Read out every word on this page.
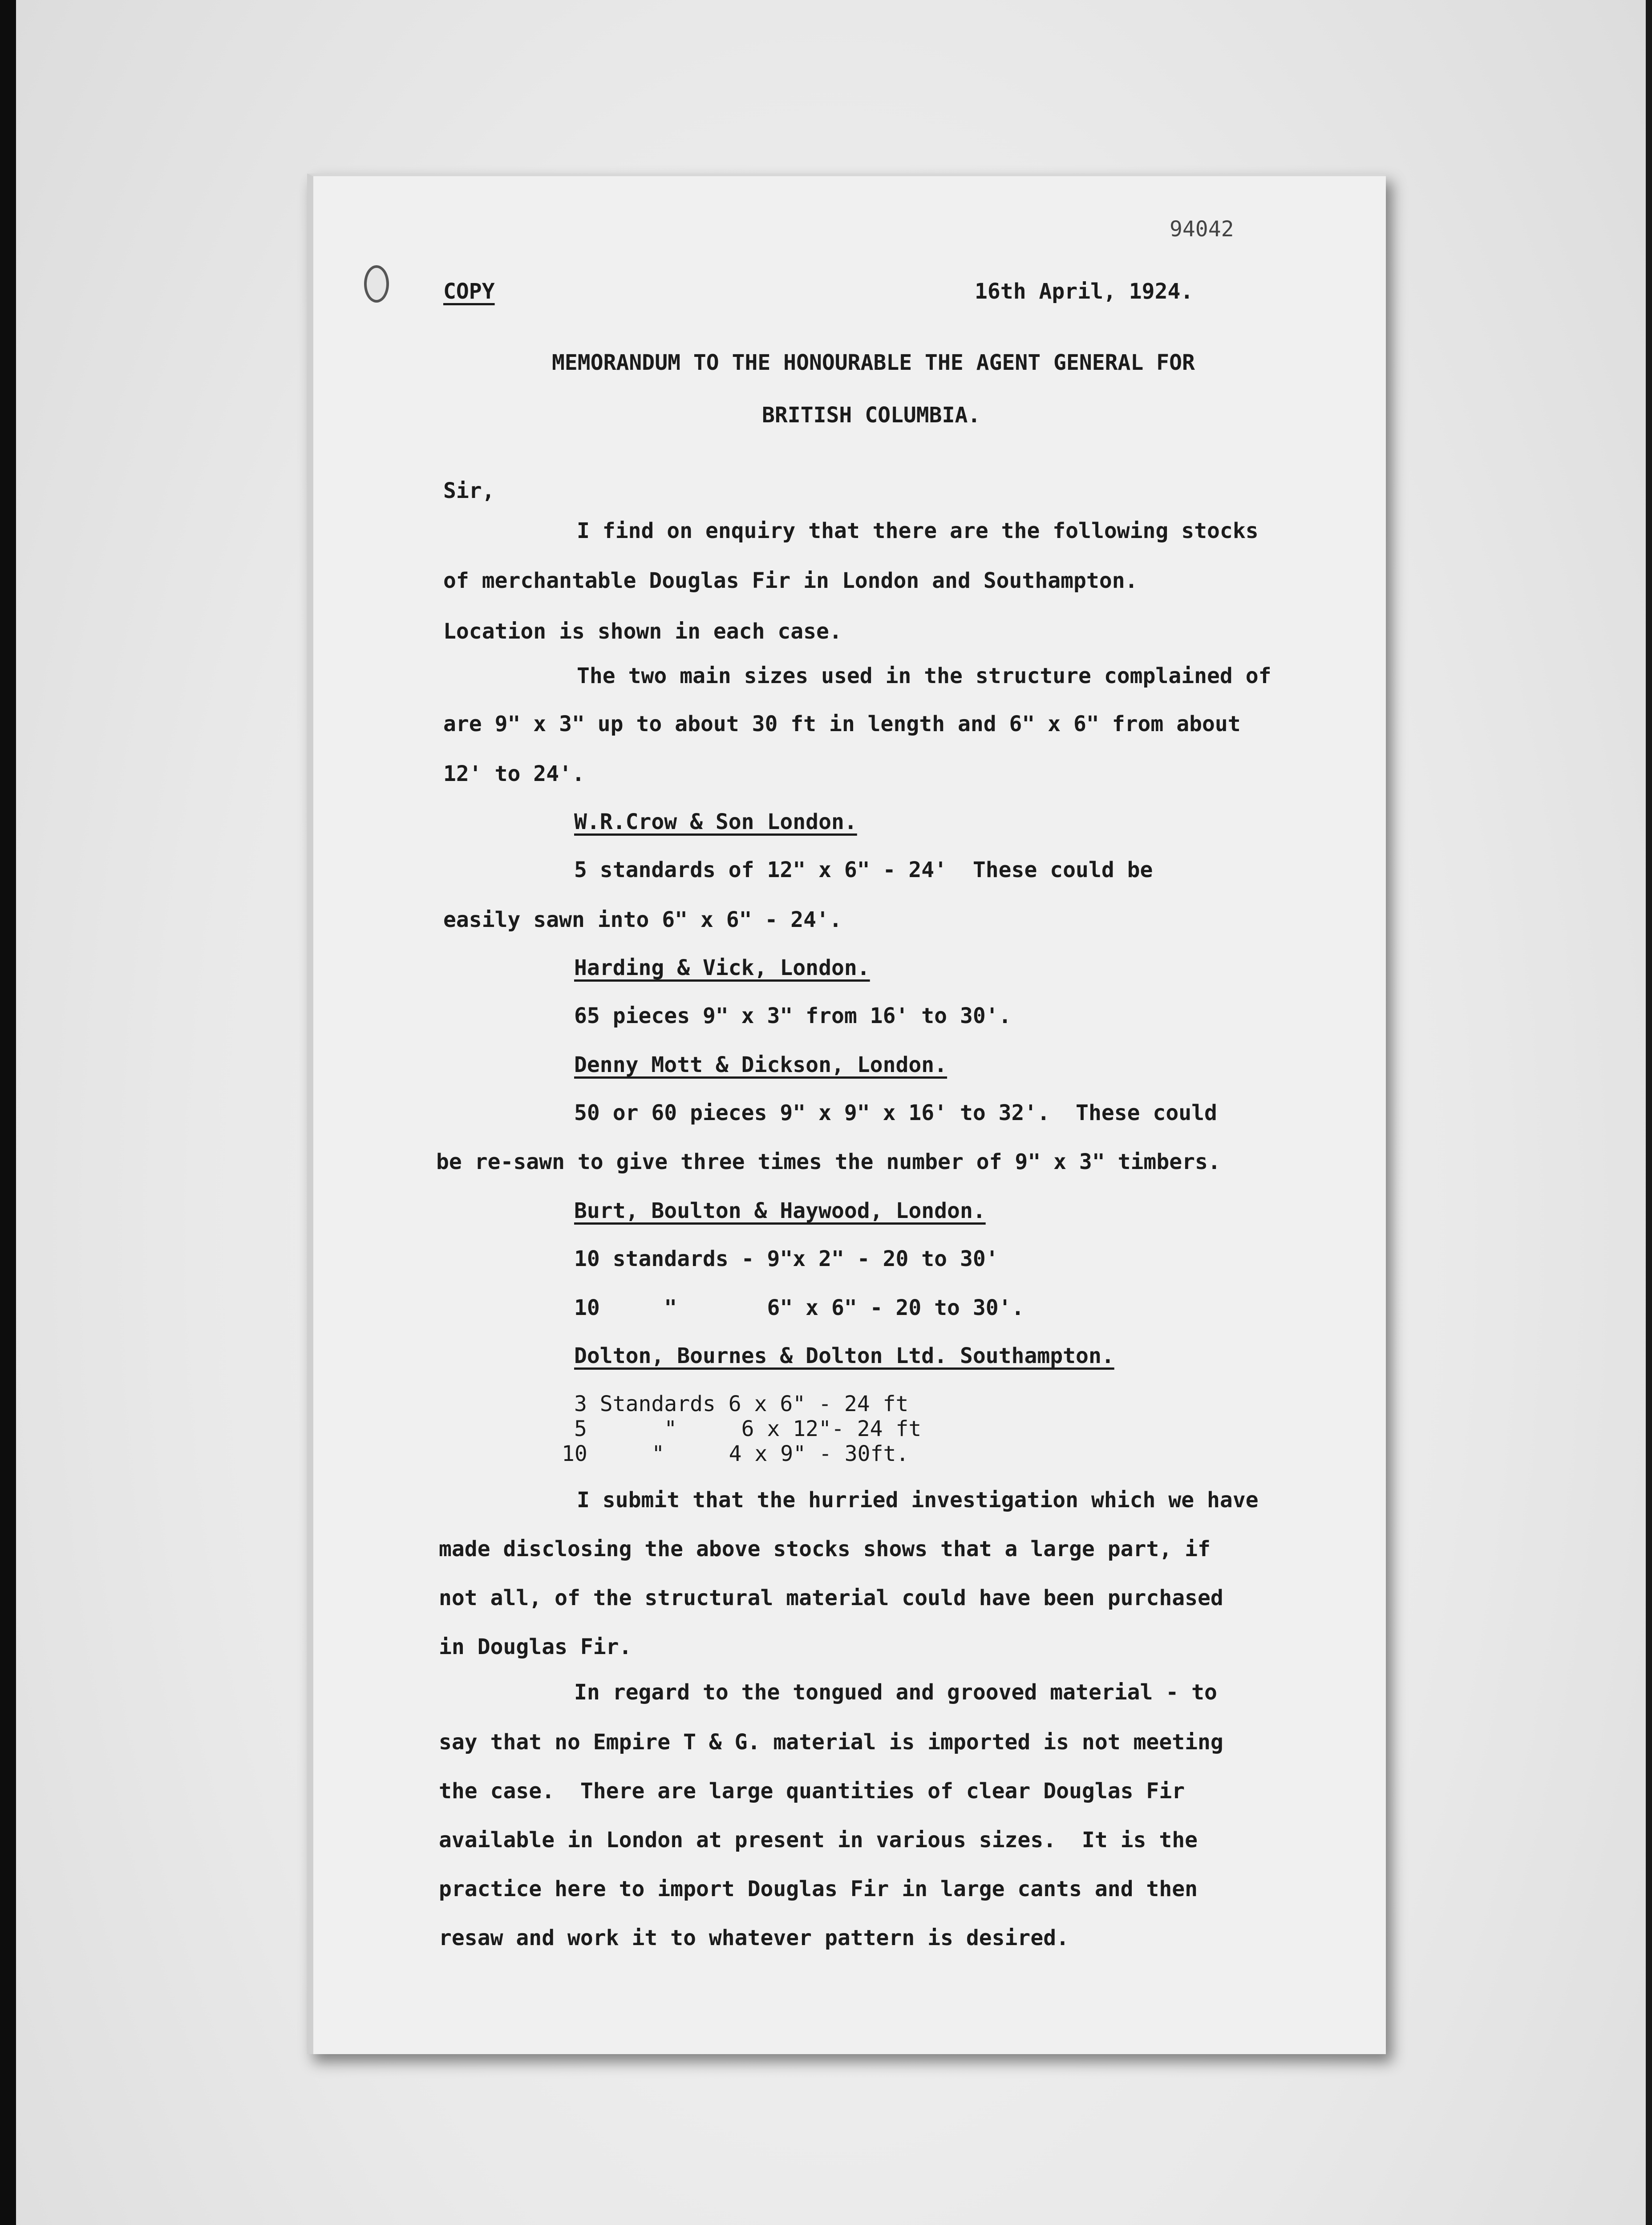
94042
COPY	16th April, 1924.
MEMORANDUM TO THE HONOURABLE THE AGENT GENERAL FOR
BRITISH COLUMBIA.
Sir,
I find on enquiry that there are the following stocks
of merchantable Douglas Fir in London and Southampton.
Location is shown in each case.
The two main sizes used in the structure complained of
are 9" x 3" up to about 30 ft in length and 6" x 6" from about
12' to 24'.
W.R.Crow & Son London.
5 standards of 12" x 6" - 24'  These could be
easily sawn into 6" x 6" - 24'.
Harding & Vick, London.
65 pieces 9" x 3" from 16' to 30'.
Denny Mott & Dickson, London.
50 or 60 pieces 9" x 9" x 16' to 32'.  These could
be re-sawn to give three times the number of 9" x 3" timbers.
Burt, Boulton & Haywood, London.
10 standards - 9"x 2" - 20 to 30'
10     "       6" x 6" - 20 to 30'.
Dolton, Bournes & Dolton Ltd. Southampton.
3 Standards 6 x 6" - 24 ft
5      "     6 x 12"- 24 ft
10     "     4 x 9" - 30ft.
I submit that the hurried investigation which we have
made disclosing the above stocks shows that a large part, if
not all, of the structural material could have been purchased
in Douglas Fir.
In regard to the tongued and grooved material - to
say that no Empire T & G. material is imported is not meeting
the case.  There are large quantities of clear Douglas Fir
available in London at present in various sizes.  It is the
practice here to import Douglas Fir in large cants and then
resaw and work it to whatever pattern is desired.
